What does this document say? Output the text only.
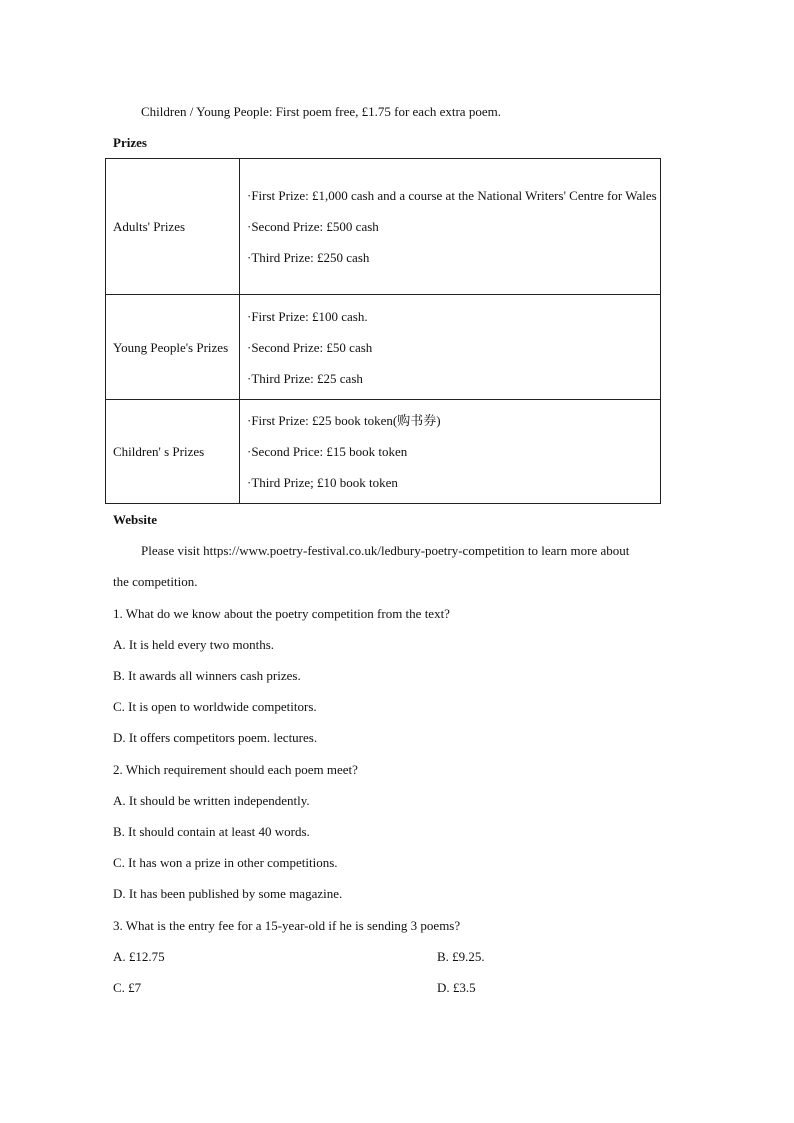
Children / Young People: First poem free, £1.75 for each extra poem.
Prizes
Adults' Prizes	·First Prize: £1,000 cash and a course at the National Writers' Centre for Wales
·Second Prize: £500 cash
·Third Prize: £250 cash

Young People's Prizes	·First Prize: £100 cash.
·Second Prize: £50 cash
·Third Prize: £25 cash

Children' s Prizes	·First Prize: £25 book token(购书券)
·Second Price: £15 book token
·Third Prize; £10 book token
Website
Please visit https://www.poetry-festival.co.uk/ledbury-poetry-competition to learn more about
the competition.
1. What do we know about the poetry competition from the text?
A. It is held every two months.
B. It awards all winners cash prizes.
C. It is open to worldwide competitors.
D. It offers competitors poem. lectures.
2. Which requirement should each poem meet?
A. It should be written independently.
B. It should contain at least 40 words.
C. It has won a prize in other competitions.
D. It has been published by some magazine.
3. What is the entry fee for a 15-year-old if he is sending 3 poems?
A. £12.75	B. £9.25.
C. £7	D. £3.5
